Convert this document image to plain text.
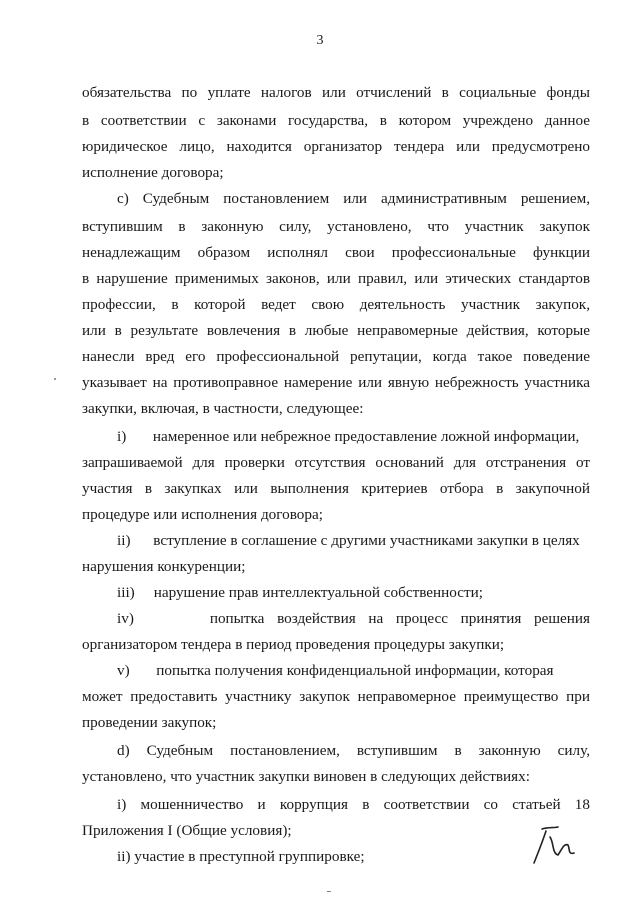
3
обязательства по уплате налогов или отчислений в социальные фонды
в соответствии с законами государства, в котором учреждено данное
юридическое лицо, находится организатор тендера или предусмотрено
исполнение договора;
c) Судебным постановлением или административным решением,
вступившим в законную силу, установлено, что участник закупок
ненадлежащим образом исполнял свои профессиональные функции
в нарушение применимых законов, или правил, или этических стандартов
профессии, в которой ведет свою деятельность участник закупок,
или в результате вовлечения в любые неправомерные действия, которые
нанесли вред его профессиональной репутации, когда такое поведение
указывает на противоправное намерение или явную небрежность участника
закупки, включая, в частности, следующее:
i)       намеренное или небрежное предоставление ложной информации,
запрашиваемой для проверки отсутствия оснований для отстранения от
участия в закупках или выполнения критериев отбора в закупочной
процедуре или исполнения договора;
ii)      вступление в соглашение с другими участниками закупки в целях
нарушения конкуренции;
iii)     нарушение прав интеллектуальной собственности;
iv)      попытка воздействия на процесс принятия решения
организатором тендера в период проведения процедуры закупки;
v)       попытка получения конфиденциальной информации, которая
может предоставить участнику закупок неправомерное преимущество при
проведении закупок;
d) Судебным постановлением, вступившим в законную силу,
установлено, что участник закупки виновен в следующих действиях:
i) мошенничество и коррупция в соответствии со статьей 18
Приложения I (Общие условия);
ii) участие в преступной группировке;
